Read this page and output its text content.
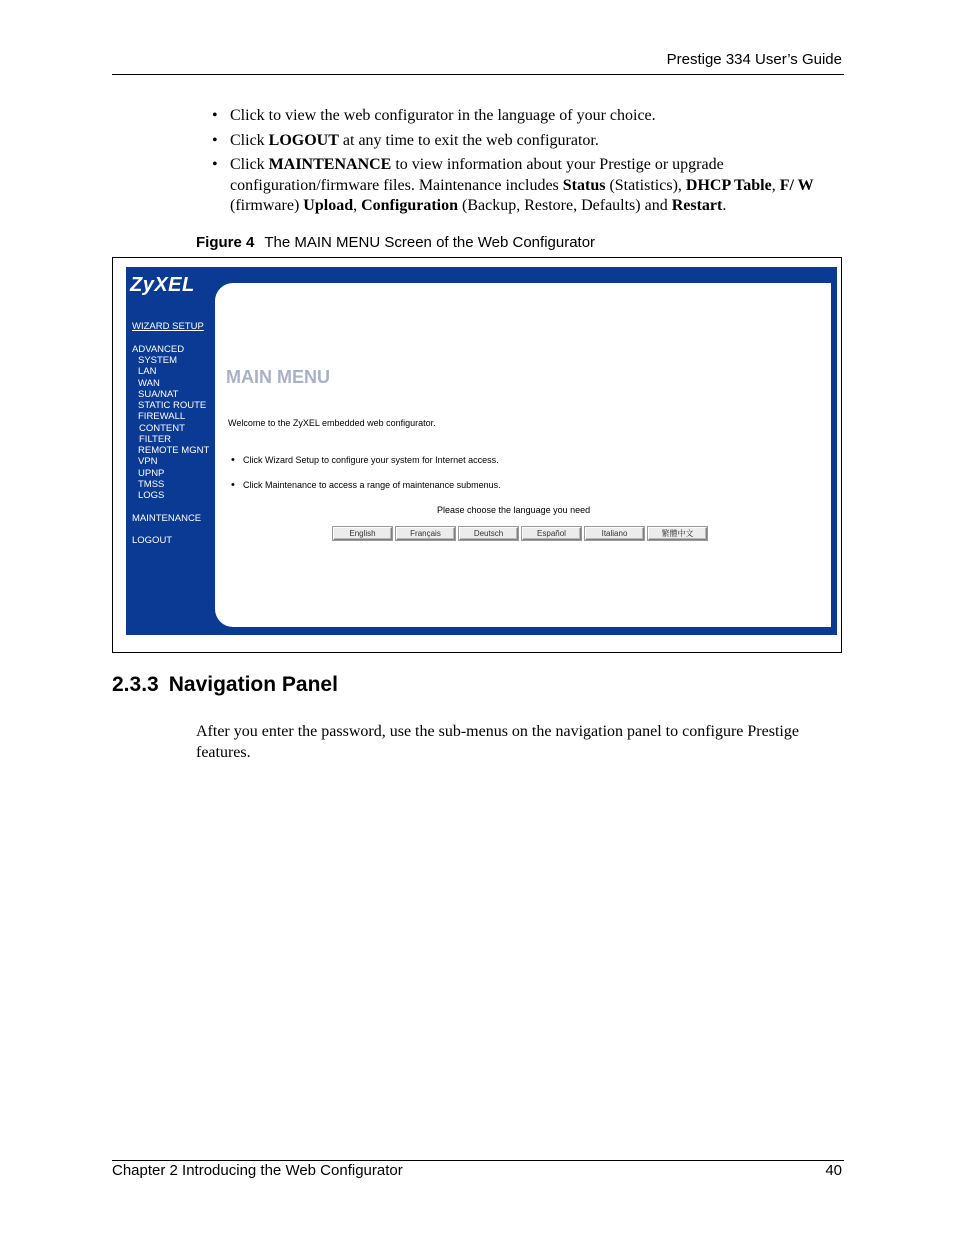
Prestige 334 User’s Guide
• Click to view the web configurator in the language of your choice.
• Click LOGOUT at any time to exit the web configurator.
• Click MAINTENANCE to view information about your Prestige or upgrade configuration/firmware files. Maintenance includes Status (Statistics), DHCP Table, F/ W (firmware) Upload, Configuration (Backup, Restore, Defaults) and Restart.
Figure 4 The MAIN MENU Screen of the Web Configurator
ZyXEL
WIZARD SETUP
ADVANCED
SYSTEM
LAN
WAN
SUA/NAT
STATIC ROUTE
FIREWALL
CONTENT
FILTER
REMOTE MGNT
VPN
UPNP
TMSS
LOGS
MAINTENANCE
LOGOUT
MAIN MENU
Welcome to the ZyXEL embedded web configurator.
• Click Wizard Setup to configure your system for Internet access.
• Click Maintenance to access a range of maintenance submenus.
Please choose the language you need
English	Français	Deutsch	Español	Italiano	繁體中文
2.3.3 Navigation Panel

After you enter the password, use the sub-menus on the navigation panel to configure Prestige features.

Chapter 2 Introducing the Web Configurator	40
